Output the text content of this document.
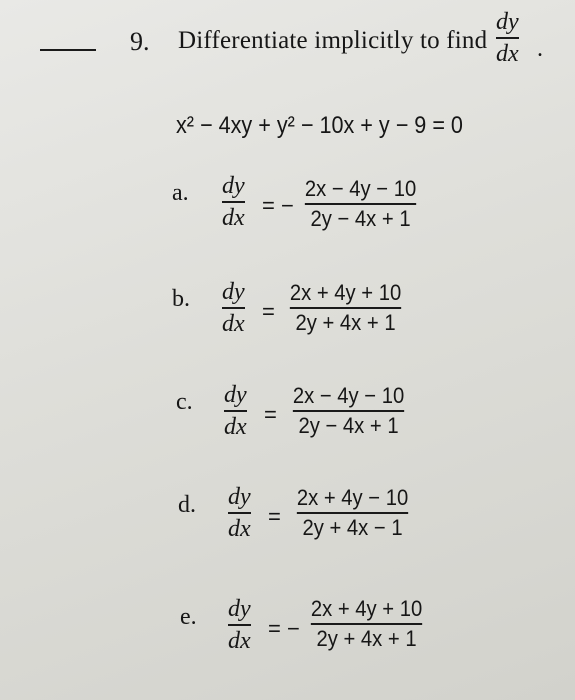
9. Differentiate implicitly to find
dy
dx .
x² − 4xy + y² − 10x + y − 9 = 0
a. dy
dx = −
2x − 4y − 10
2y − 4x + 1
b. dy
dx =
2x + 4y + 10
2y + 4x + 1
c. dy
dx =
2x − 4y − 10
2y − 4x + 1
d. dy
dx =
2x + 4y − 10
2y + 4x − 1
e. dy
dx = −
2x + 4y + 10
2y + 4x + 1
